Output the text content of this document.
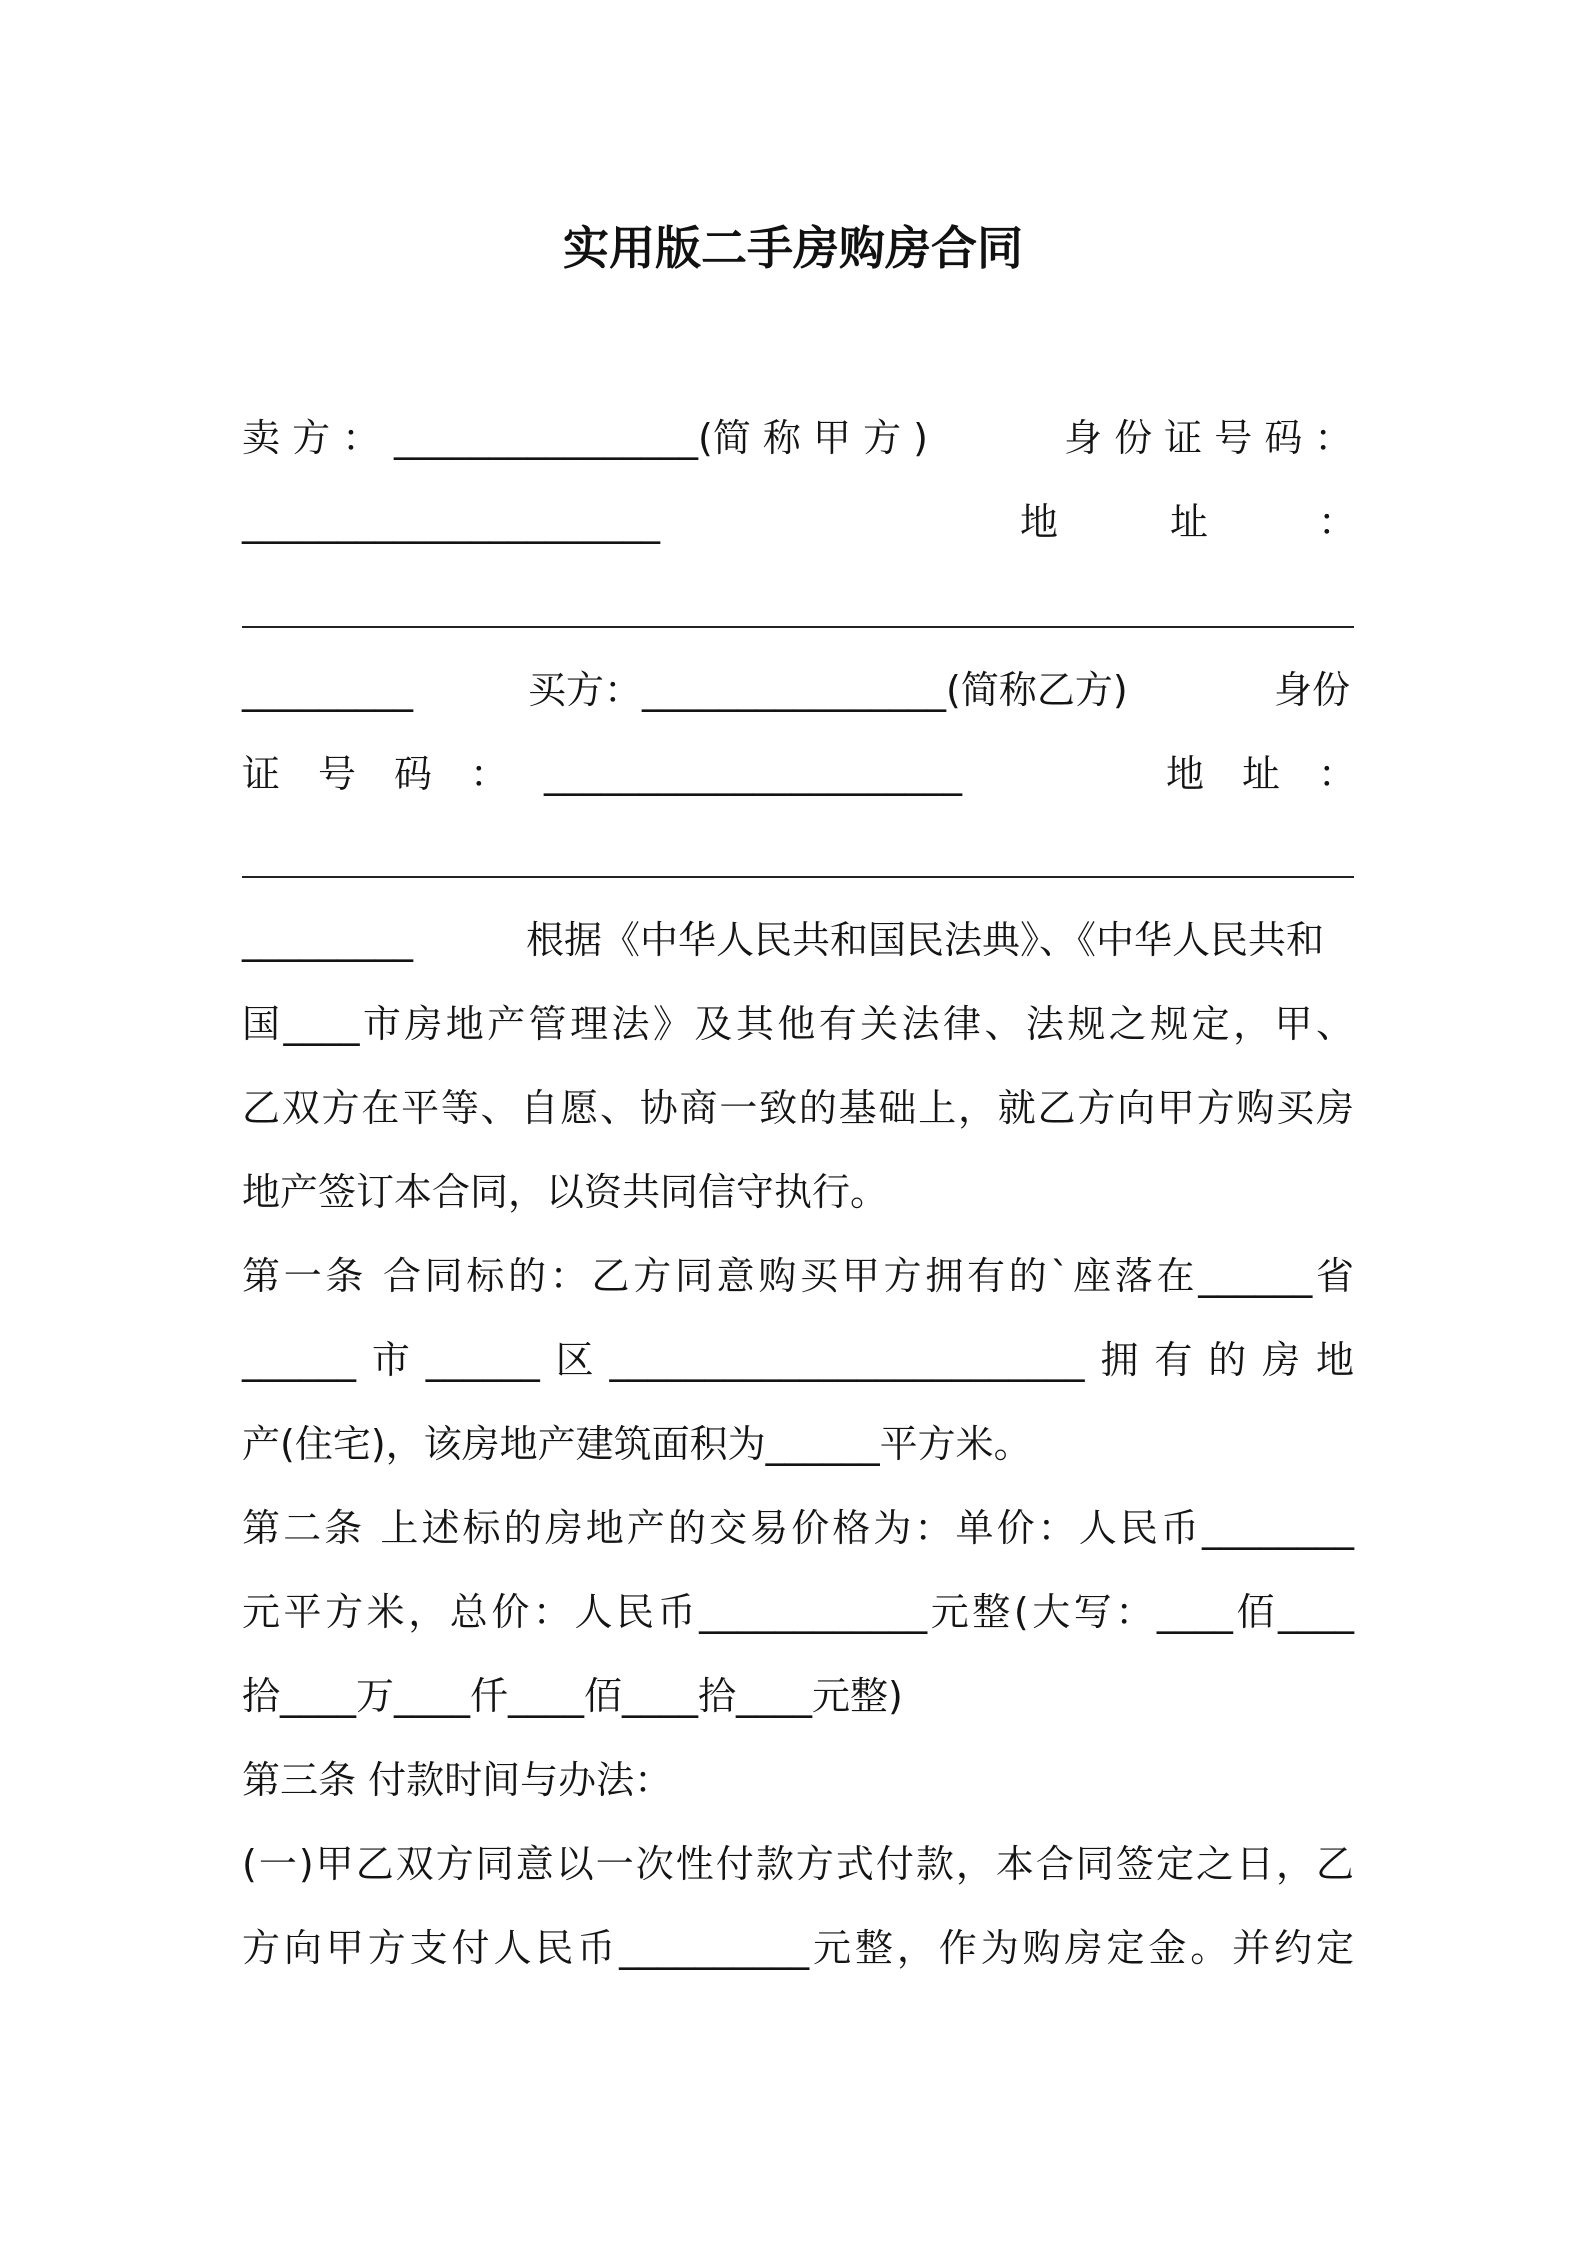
实用版二手房购房合同
卖 方 ： ________________(简 称 甲 方 )	身 份 证 号 码 ：
______________________	地	址	：
_________	买方：________________(简称乙方)	身份
证　号　码　： ______________________	地　址　：
_________	根据《中华人民共和国民法典》、《中华人民共和
国____市房地产管理法》及其他有关法律、法规之规定，甲、
乙双方在平等、自愿、协商一致的基础上，就乙方向甲方购买房
地产签订本合同，以资共同信守执行。
第一条 合同标的：乙方同意购买甲方拥有的`座落在______省
______市______区_________________________拥有的房地
产(住宅)，该房地产建筑面积为______平方米。
第二条 上述标的房地产的交易价格为：单价：人民币________
元平方米，总价：人民币____________元整(大写：____佰____
拾____万____仟____佰____拾____元整)
第三条 付款时间与办法：
(一)甲乙双方同意以一次性付款方式付款，本合同签定之日，乙
方向甲方支付人民币__________元整，作为购房定金。并约定
